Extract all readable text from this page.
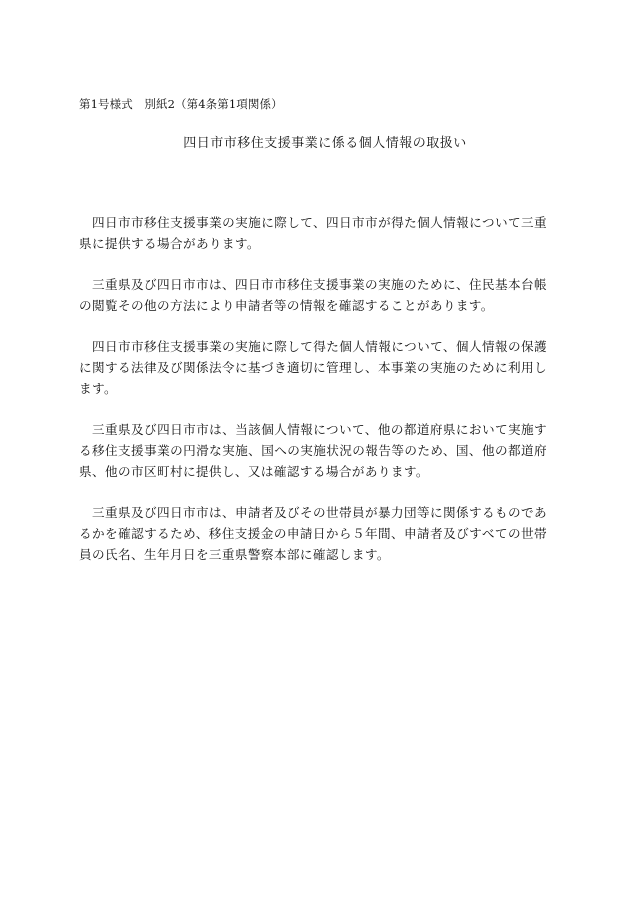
第1号様式　別紙2（第4条第1項関係）
四日市市移住支援事業に係る個人情報の取扱い

四日市市移住支援事業の実施に際して、四日市市が得た個人情報について三重県に提供する場合があります。

三重県及び四日市市は、四日市市移住支援事業の実施のために、住民基本台帳の閲覧その他の方法により申請者等の情報を確認することがあります。

四日市市移住支援事業の実施に際して得た個人情報について、個人情報の保護に関する法律及び関係法令に基づき適切に管理し、本事業の実施のために利用します。

三重県及び四日市市は、当該個人情報について、他の都道府県において実施する移住支援事業の円滑な実施、国への実施状況の報告等のため、国、他の都道府県、他の市区町村に提供し、又は確認する場合があります。

三重県及び四日市市は、申請者及びその世帯員が暴力団等に関係するものであるかを確認するため、移住支援金の申請日から５年間、申請者及びすべての世帯員の氏名、生年月日を三重県警察本部に確認します。
